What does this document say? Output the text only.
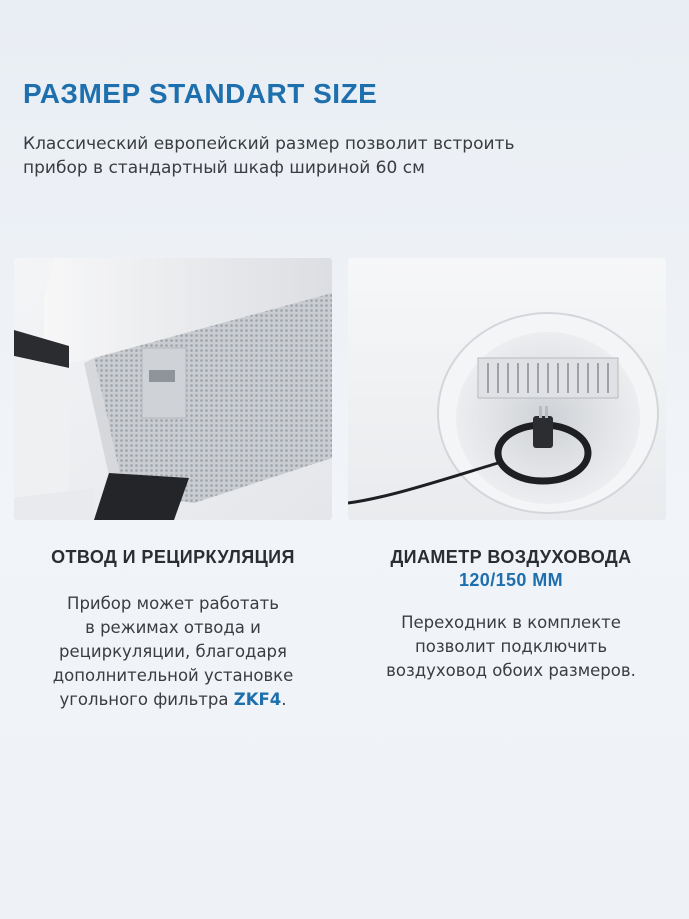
РАЗМЕР STANDART SIZE
Классический европейский размер позволит встроить
прибор в стандартный шкаф шириной 60 см
ОТВОД И РЕЦИРКУЛЯЦИЯ

Прибор может работать
в режимах отвода и
рециркуляции, благодаря
дополнительной установке
угольного фильтра ZKF4.

ДИАМЕТР ВОЗДУХОВОДА
120/150 ММ

Переходник в комплекте
позволит подключить
воздуховод обоих размеров.
